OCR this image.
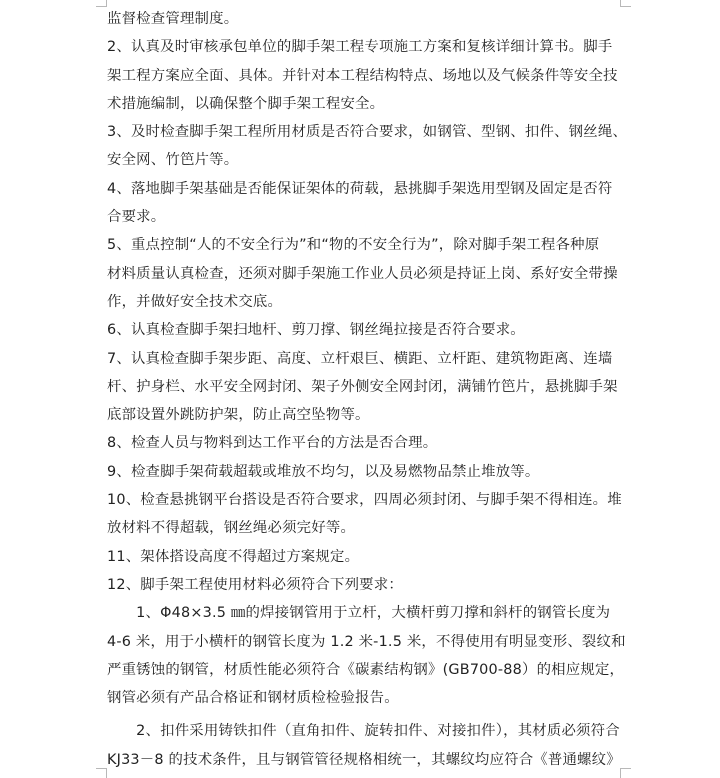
监督检查管理制度。

2、认真及时审核承包单位的脚手架工程专项施工方案和复核详细计算书。脚手
架工程方案应全面、具体。并针对本工程结构特点、场地以及气候条件等安全技
术措施编制，以确保整个脚手架工程安全。

3、及时检查脚手架工程所用材质是否符合要求，如钢管、型钢、扣件、钢丝绳、
安全网、竹笆片等。

4、落地脚手架基础是否能保证架体的荷载，悬挑脚手架选用型钢及固定是否符
合要求。

5、重点控制“人的不安全行为”和“物的不安全行为”，除对脚手架工程各种原
材料质量认真检查，还须对脚手架施工作业人员必须是持证上岗、系好安全带操
作，并做好安全技术交底。

6、认真检查脚手架扫地杆、剪刀撑、钢丝绳拉接是否符合要求。

7、认真检查脚手架步距、高度、立杆艰巨、横距、立杆距、建筑物距离、连墙
杆、护身栏、水平安全网封闭、架子外侧安全网封闭，满铺竹笆片，悬挑脚手架
底部设置外跳防护架，防止高空坠物等。

8、检查人员与物料到达工作平台的方法是否合理。

9、检查脚手架荷载超载或堆放不均匀，以及易燃物品禁止堆放等。

10、检查悬挑钢平台搭设是否符合要求，四周必须封闭、与脚手架不得相连。堆
放材料不得超载，钢丝绳必须完好等。

11、架体搭设高度不得超过方案规定。

12、脚手架工程使用材料必须符合下列要求：

　　1、Φ48×3.5 ㎜的焊接钢管用于立杆，大横杆剪刀撑和斜杆的钢管长度为
4-6 米，用于小横杆的钢管长度为 1.2 米-1.5 米，不得使用有明显变形、裂纹和
严重锈蚀的钢管，材质性能必须符合《碳素结构钢》(GB700-88）的相应规定，
钢管必须有产品合格证和钢材质检检验报告。

　　2、扣件采用铸铁扣件（直角扣件、旋转扣件、对接扣件），其材质必须符合
KJ33－8 的技术条件，且与钢管管径规格相统一，其螺纹均应符合《普通螺纹》
